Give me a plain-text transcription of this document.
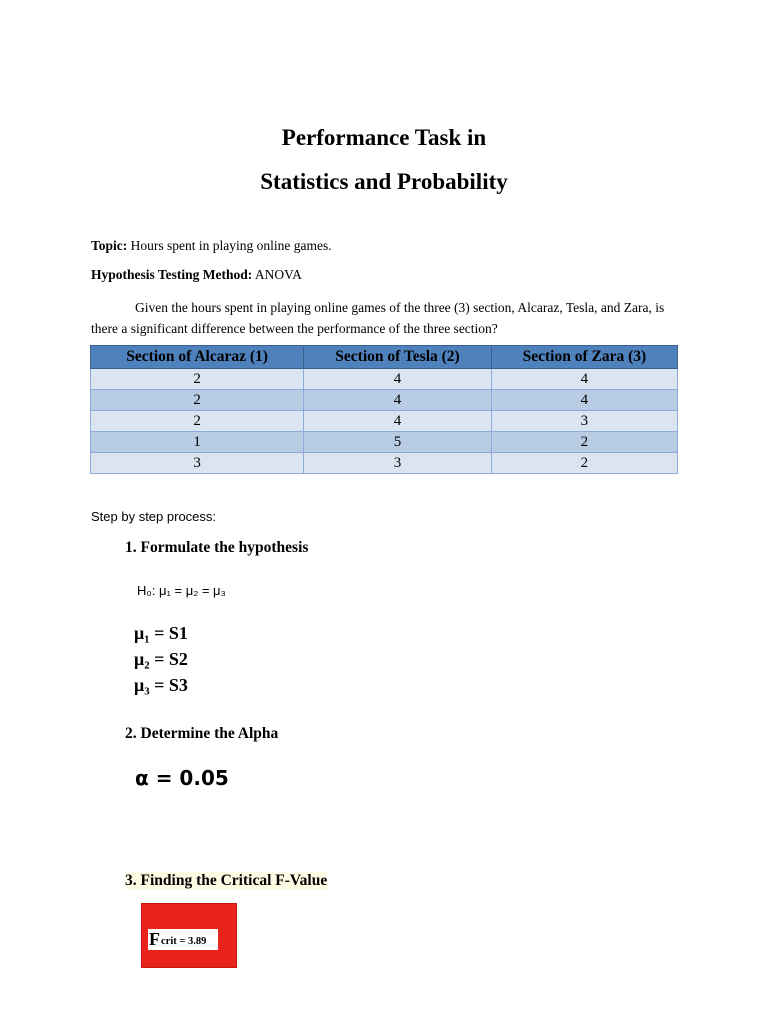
Performance Task in
Statistics and Probability
Topic: Hours spent in playing online games.
Hypothesis Testing Method: ANOVA
Given the hours spent in playing online games of the three (3) section, Alcaraz, Tesla, and Zara, is there a significant difference between the performance of the three section?
Section of Alcaraz (1)	Section of Tesla (2)	Section of Zara (3)
2	4	4
2	4	4
2	4	3
1	5	2
3	3	2
Step by step process:
1. Formulate the hypothesis
H₀: μ₁ = μ₂ = μ₃
μ₁ = S1
μ₂ = S2
μ₃ = S3
2. Determine the Alpha
α = 0.05
3. Finding the Critical F-Value
F crit = 3.89
